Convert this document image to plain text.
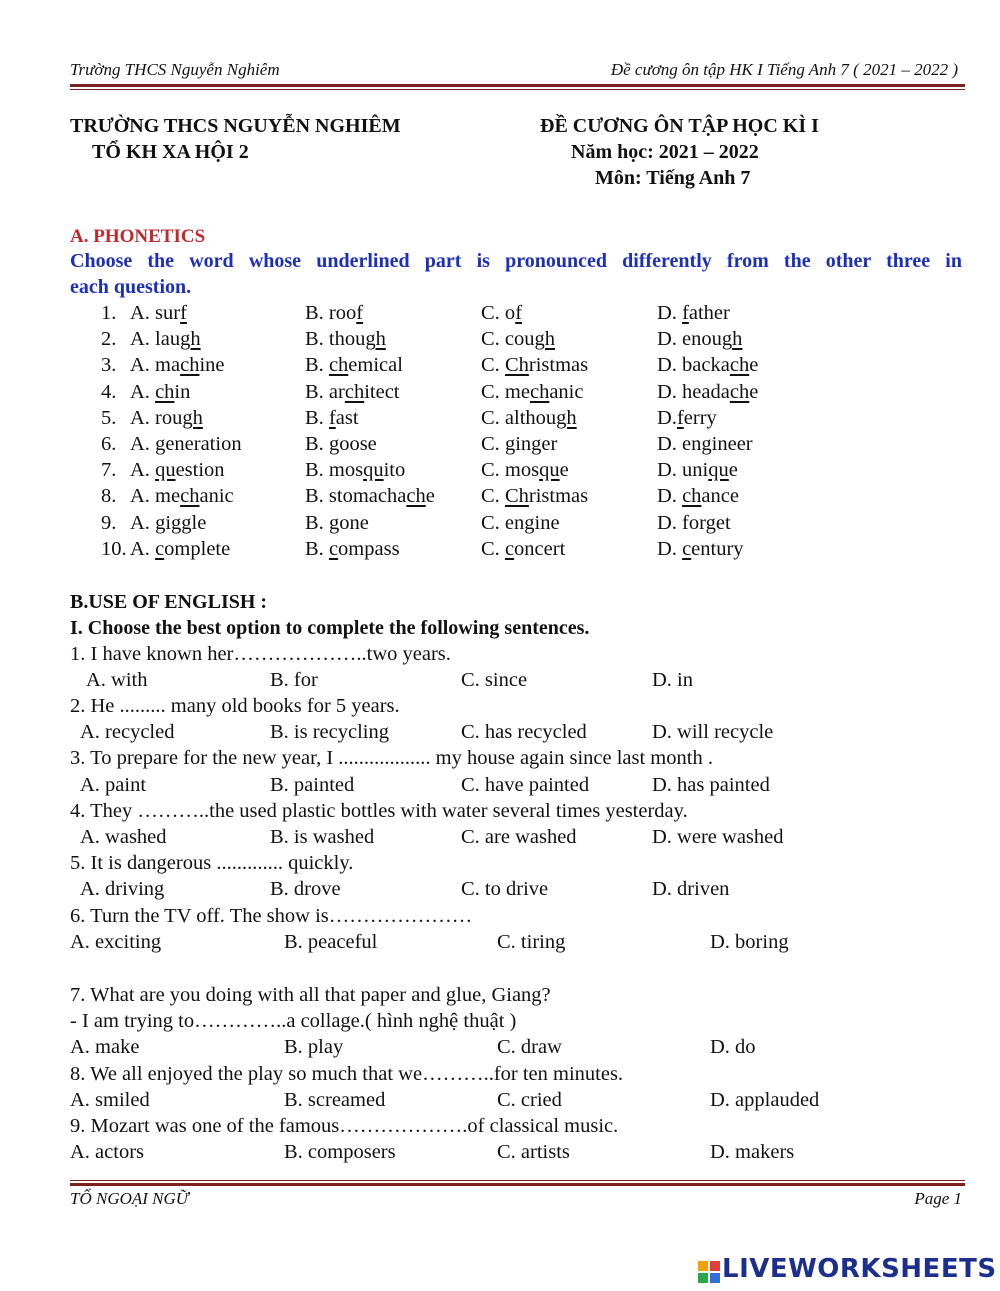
Trường THCS Nguyễn Nghiêm	Đề cương ôn tập HK I Tiếng Anh 7 ( 2021 – 2022 )
TRƯỜNG THCS NGUYỄN NGHIÊM
TỔ KH XA HỘI 2
ĐỀ CƯƠNG ÔN TẬP HỌC KÌ I
Năm học: 2021 – 2022
Môn: Tiếng Anh 7
A. PHONETICS
Choose the word whose underlined part is pronounced differently from the other three in
each question.
1. A. surf	B. roof	C. of	D. father
2. A. laugh	B. though	C. cough	D. enough
3. A. machine	B. chemical	C. Christmas	D. backache
4. A. chin	B. architect	C. mechanic	D. headache
5. A. rough	B. fast	C. although	D.ferry
6. A. generation	B. goose	C. ginger	D. engineer
7. A. question	B. mosquito	C. mosque	D. unique
8. A. mechanic	B. stomachache C. Christmas	D. chance
9. A. giggle	B. gone	C. engine	D. forget
10. A. complete	B. compass	C. concert	D. century
B.USE OF ENGLISH :
I. Choose the best option to complete the following sentences.
1. I have known her………………..two years.
A. with	B. for	C. since	D. in
2. He ......... many old books for 5 years.
A. recycled	B. is recycling	C. has recycled	D. will recycle
3. To prepare for the new year, I .................. my house again since last month .
A. paint	B. painted	C. have painted	D. has painted
4. They ………..the used plastic bottles with water several times yesterday.
A. washed	B. is washed	C. are washed	D. were washed
5. It is dangerous ............. quickly.
A. driving	B. drove	C. to drive	D. driven
6. Turn the TV off. The show is…………………
A. exciting	B. peaceful	C. tiring	D. boring
7. What are you doing with all that paper and glue, Giang?
- I am trying to…………..a collage.( hình nghệ thuật )
A. make	B. play	C. draw	D. do
8. We all enjoyed the play so much that we………..for ten minutes.
A. smiled	B. screamed	C. cried	D. applauded
9. Mozart was one of the famous……………….of classical music.
A. actors	B. composers	C. artists	D. makers
TỔ NGOẠI NGỮ	Page 1
LIVEWORKSHEETS
